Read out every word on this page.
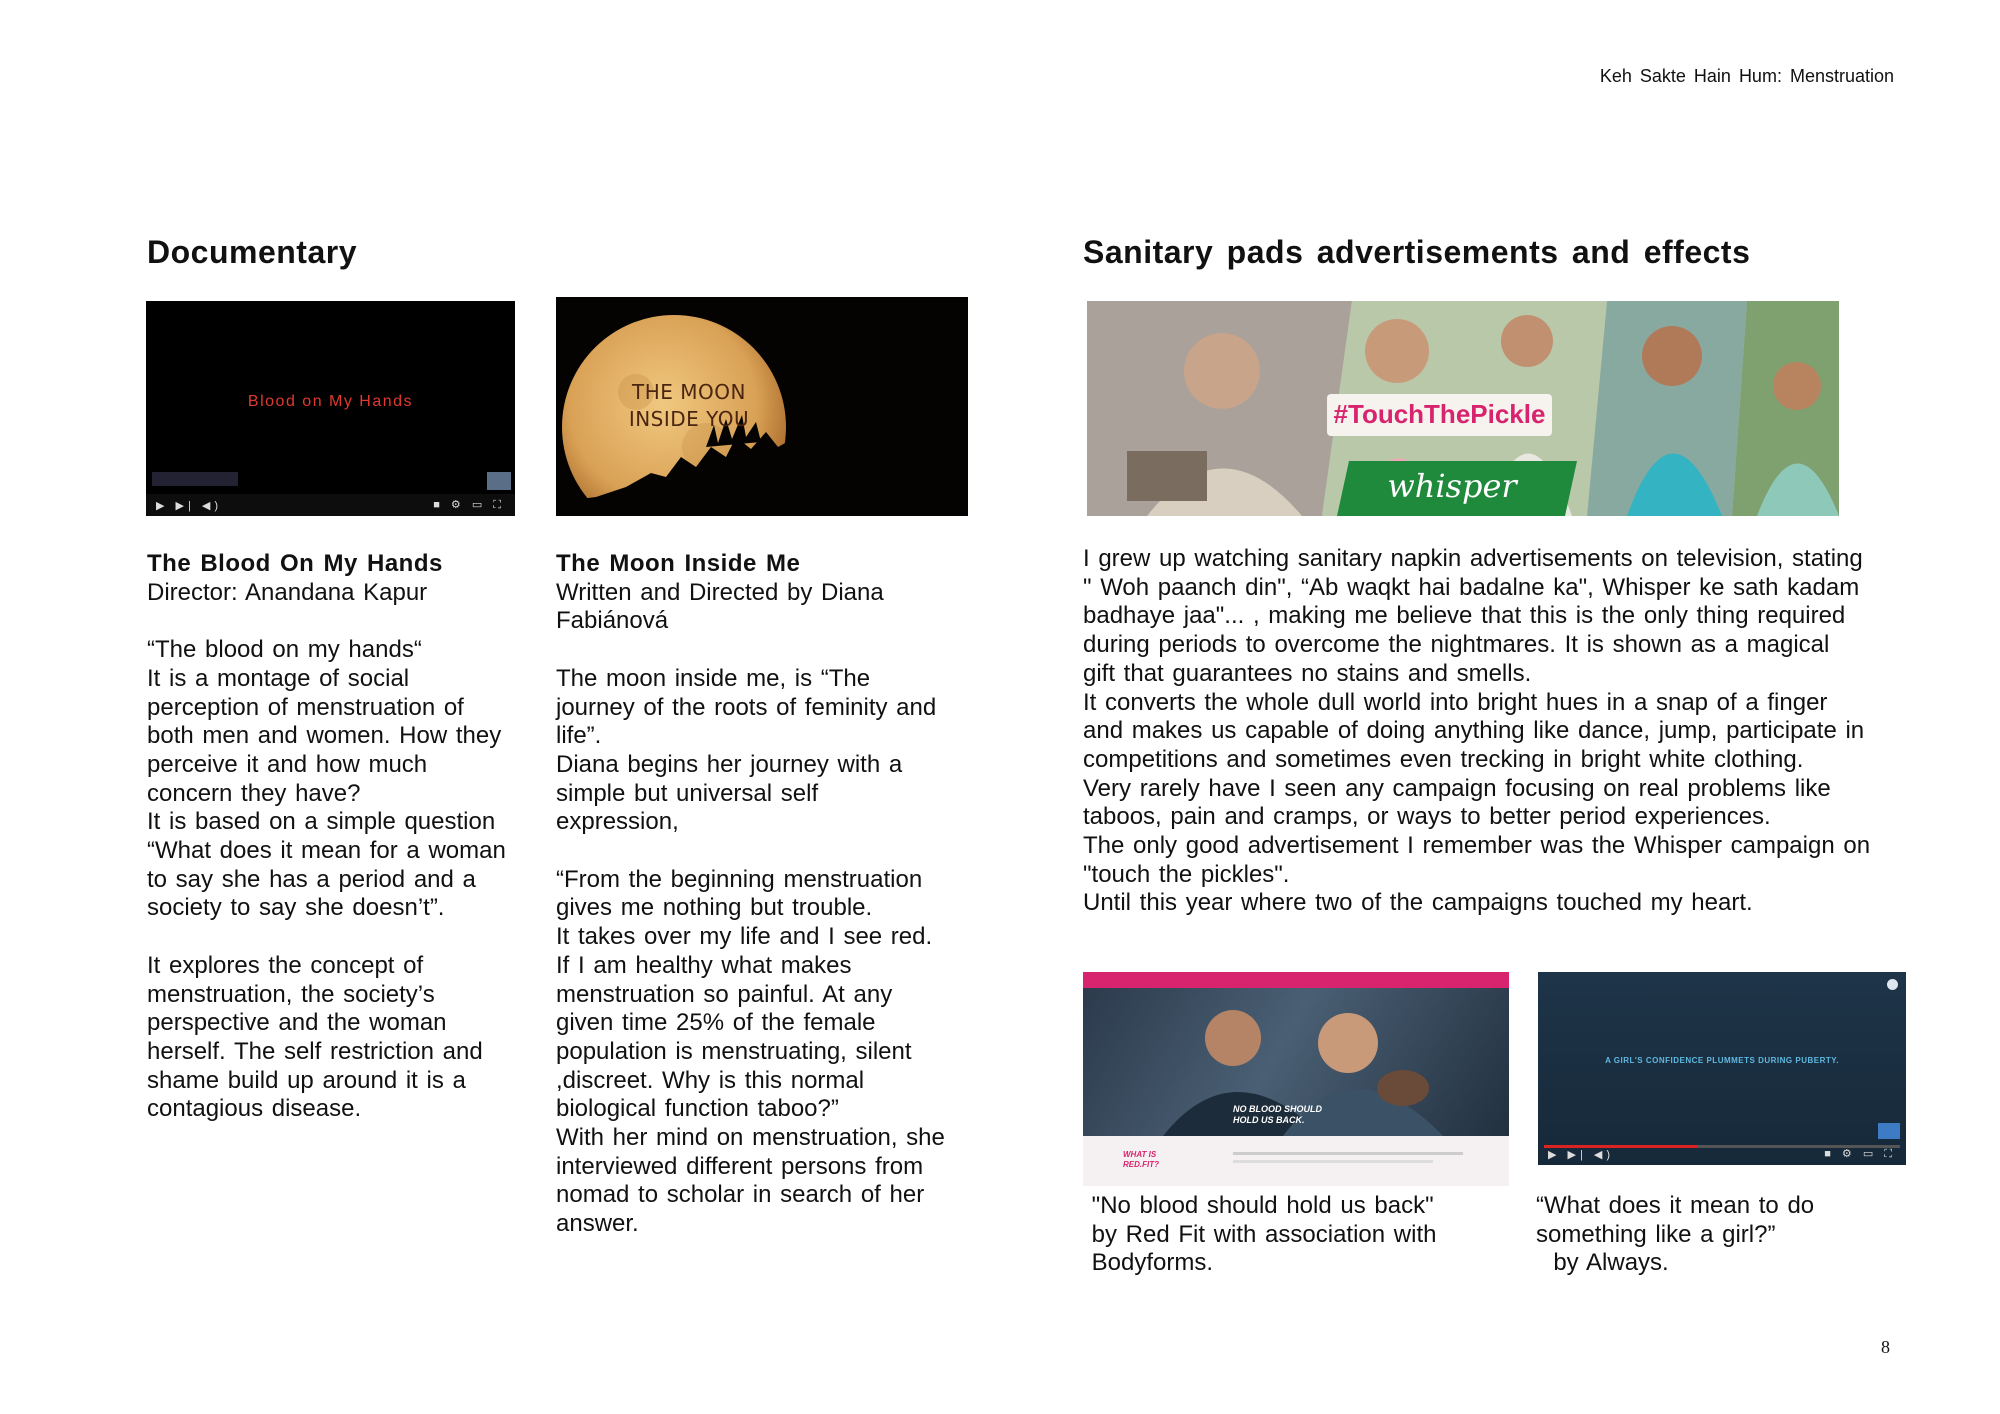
Keh Sakte Hain Hum: Menstruation
Documentary
Blood on My Hands
▶ ▶| ◀)	■ ⚙ ▭ ⛶
THE MOON
INSIDE YOU

The Blood On My Hands

Director: Anandana Kapur

“The blood on my hands“

It is a montage of social perception of menstruation of both men and women. How they perceive it and how much concern they have?

It is based on a simple question “What does it mean for a woman to say she has a period and a society to say she doesn’t”.

It explores the concept of menstruation, the society’s perspective and the woman herself. The self restriction and shame build up around it is a contagious disease.

The Moon Inside Me

Written and Directed by Diana Fabiánová

The moon inside me, is “The journey of the roots of feminity and life”.

Diana begins her journey with a simple but universal self expression,

“From the beginning menstruation gives me nothing but trouble.

It takes over my life and I see red. If I am healthy what makes menstruation so painful. At any given time 25% of the female population is menstruating, silent ,discreet. Why is this normal biological function taboo?”

With her mind on menstruation, she interviewed different persons from nomad to scholar in search of her answer.

Sanitary pads advertisements and effects
#TouchThePickle
whisper

I grew up watching sanitary napkin advertisements on television, stating " Woh paanch din", “Ab waqkt hai badalne ka", Whisper ke sath kadam badhaye jaa"... , making me believe that this is the only thing required during periods to overcome the nightmares. It is shown as a magical gift that guarantees no stains and smells.

It converts the whole dull world into bright hues in a snap of a finger and makes us capable of doing anything like dance, jump, participate in competitions and sometimes even trecking in bright white clothing.

Very rarely have I seen any campaign focusing on real problems like taboos, pain and cramps, or ways to better period experiences.

The only good advertisement I remember was the Whisper campaign on "touch the pickles".

Until this year where two of the campaigns touched my heart.

NO BLOOD SHOULD
HOLD US BACK.
WHAT IS RED.FIT?

"No blood should hold us back"

by Red Fit with association with

Bodyforms.

A GIRL'S CONFIDENCE PLUMMETS DURING PUBERTY.
▶ ▶| ◀)	■ ⚙ ▭ ⛶

“What does it mean to do

something like a girl?”

by Always.

8
